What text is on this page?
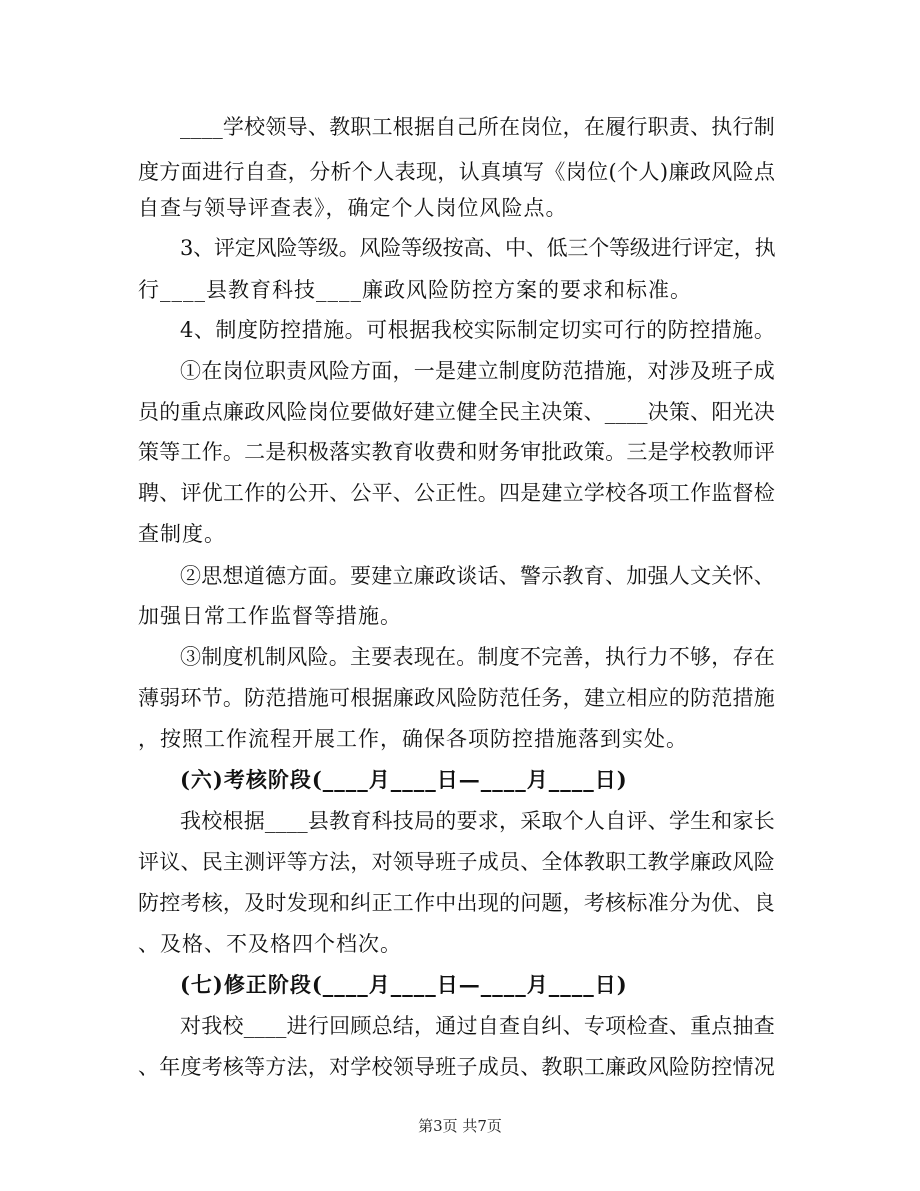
____学校领导、教职工根据自己所在岗位，在履行职责、执行制
度方面进行自查，分析个人表现，认真填写《岗位(个人)廉政风险点
自查与领导评查表》，确定个人岗位风险点。
3、评定风险等级。风险等级按高、中、低三个等级进行评定，执
行____县教育科技____廉政风险防控方案的要求和标准。
4、制度防控措施。可根据我校实际制定切实可行的防控措施。
①在岗位职责风险方面，一是建立制度防范措施，对涉及班子成
员的重点廉政风险岗位要做好建立健全民主决策、____决策、阳光决
策等工作。二是积极落实教育收费和财务审批政策。三是学校教师评
聘、评优工作的公开、公平、公正性。四是建立学校各项工作监督检
查制度。
②思想道德方面。要建立廉政谈话、警示教育、加强人文关怀、
加强日常工作监督等措施。
③制度机制风险。主要表现在。制度不完善，执行力不够，存在
薄弱环节。防范措施可根据廉政风险防范任务，建立相应的防范措施
，按照工作流程开展工作，确保各项防控措施落到实处。
(六)考核阶段(____月____日—____月____日)
我校根据____县教育科技局的要求，采取个人自评、学生和家长
评议、民主测评等方法，对领导班子成员、全体教职工教学廉政风险
防控考核，及时发现和纠正工作中出现的问题，考核标准分为优、良
、及格、不及格四个档次。
(七)修正阶段(____月____日—____月____日)
对我校____进行回顾总结，通过自查自纠、专项检查、重点抽查
、年度考核等方法，对学校领导班子成员、教职工廉政风险防控情况
第3页 共7页
